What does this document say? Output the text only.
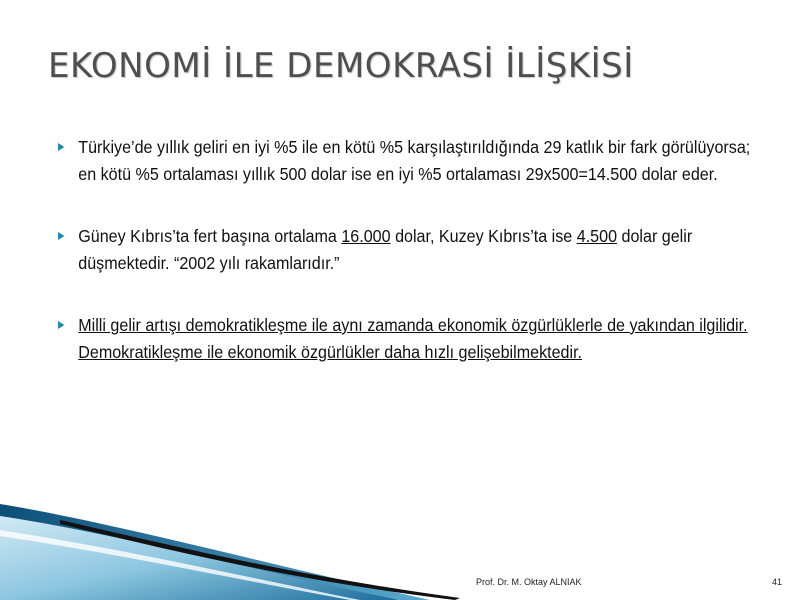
EKONOMİ İLE DEMOKRASİ İLİŞKİSİ
Türkiye’de yıllık geliri en iyi %5 ile en kötü %5 karşılaştırıldığında 29 katlık bir fark görülüyorsa; en kötü %5 ortalaması yıllık 500 dolar ise en iyi %5 ortalaması 29x500=14.500 dolar eder.
Güney Kıbrıs’ta fert başına ortalama 16.000 dolar, Kuzey Kıbrıs’ta ise 4.500 dolar gelir düşmektedir. “2002 yılı rakamlarıdır.”
Milli gelir artışı demokratikleşme ile aynı zamanda ekonomik özgürlüklerle de yakından ilgilidir. Demokratikleşme ile ekonomik özgürlükler daha hızlı gelişebilmektedir.
Prof. Dr. M. Oktay ALNIAK	41
